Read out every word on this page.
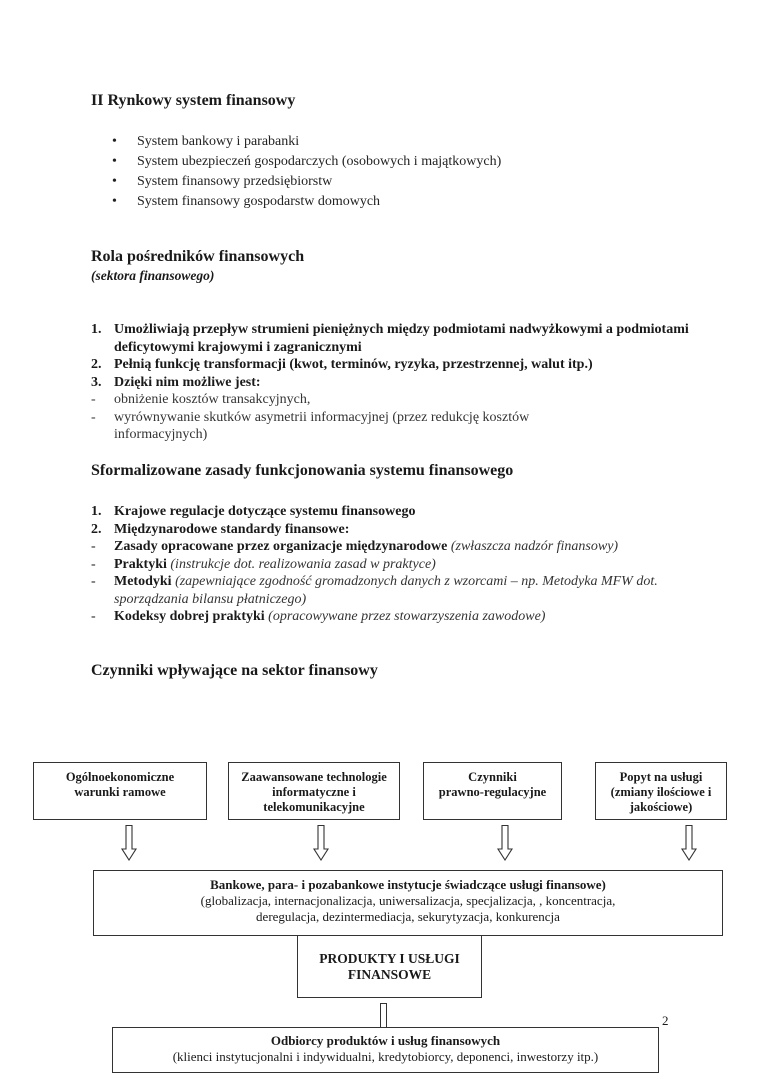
II Rynkowy system finansowy
• System bankowy i parabanki
• System ubezpieczeń gospodarczych (osobowych i majątkowych)
• System finansowy przedsiębiorstw
• System finansowy gospodarstw domowych
Rola pośredników finansowych
(sektora finansowego)
1. Umożliwiają przepływ strumieni pieniężnych między podmiotami nadwyżkowymi a podmiotami deficytowymi krajowymi i zagranicznymi
2. Pełnią funkcję transformacji (kwot, terminów, ryzyka, przestrzennej, walut itp.)
3. Dzięki nim możliwe jest:
- obniżenie kosztów transakcyjnych,
- wyrównywanie skutków asymetrii informacyjnej (przez redukcję kosztów informacyjnych)
Sformalizowane zasady funkcjonowania systemu finansowego
1. Krajowe regulacje dotyczące systemu finansowego
2. Międzynarodowe standardy finansowe:
- Zasady opracowane przez organizacje międzynarodowe (zwłaszcza nadzór finansowy)
- Praktyki (instrukcje dot. realizowania zasad w praktyce)
- Metodyki (zapewniające zgodność gromadzonych danych z wzorcami – np. Metodyka MFW dot. sporządzania bilansu płatniczego)
- Kodeksy dobrej praktyki (opracowywane przez stowarzyszenia zawodowe)
Czynniki wpływające na sektor finansowy
Ogólnoekonomiczne
warunki ramowe
Zaawansowane technologie
informatyczne i
telekomunikacyjne
Czynniki
prawno-regulacyjne
Popyt na usługi
(zmiany ilościowe i
jakościowe)
Bankowe, para- i pozabankowe instytucje świadczące usługi finansowe)
(globalizacja, internacjonalizacja, uniwersalizacja, specjalizacja, , koncentracja,
deregulacja, dezintermediacja, sekurytyzacja, konkurencja
PRODUKTY I USŁUGI
FINANSOWE
Odbiorcy produktów i usług finansowych
(klienci instytucjonalni i indywidualni, kredytobiorcy, deponenci, inwestorzy itp.)
2
